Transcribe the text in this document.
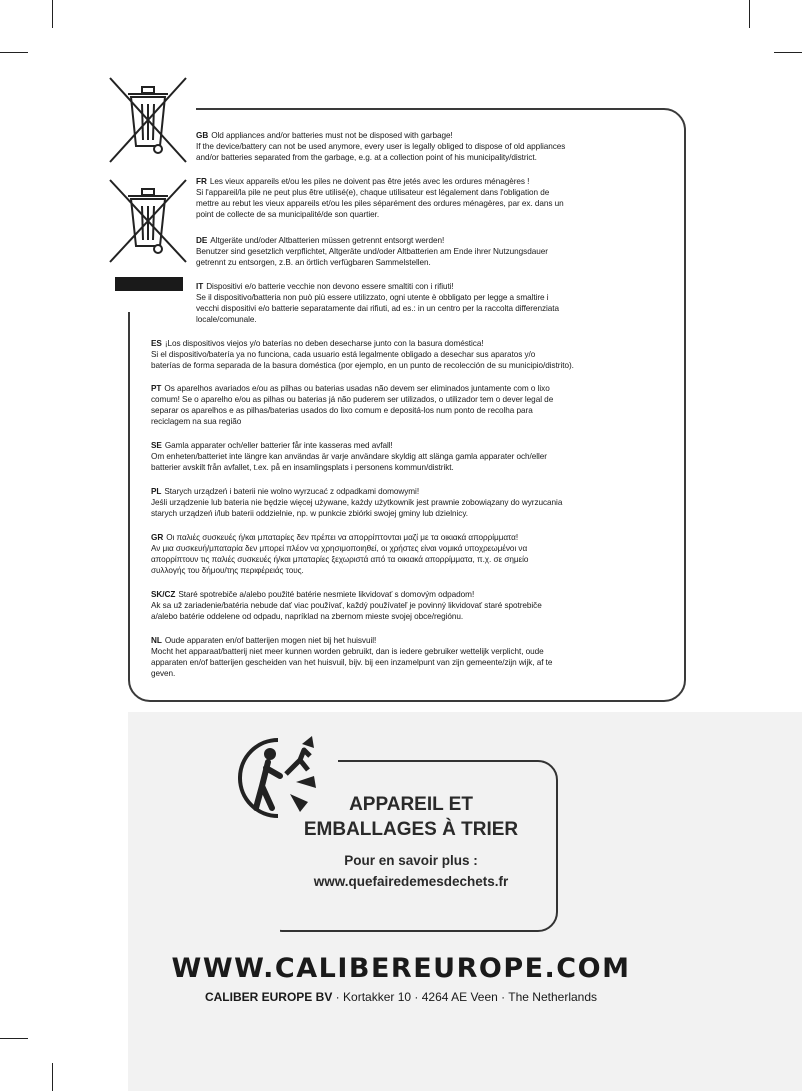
GB Old appliances and/or batteries must not be disposed with garbage!
If the device/battery can not be used anymore, every user is legally obliged to dispose of old appliances
and/or batteries separated from the garbage, e.g. at a collection point of his municipality/district.
FR Les vieux appareils et/ou les piles ne doivent pas être jetés avec les ordures ménagères !
Si l'appareil/la pile ne peut plus être utilisé(e), chaque utilisateur est légalement dans l'obligation de
mettre au rebut les vieux appareils et/ou les piles séparément des ordures ménagères, par ex. dans un
point de collecte de sa municipalité/de son quartier.
DE Altgeräte und/oder Altbatterien müssen getrennt entsorgt werden!
Benutzer sind gesetzlich verpflichtet, Altgeräte und/oder Altbatterien am Ende ihrer Nutzungsdauer
getrennt zu entsorgen, z.B. an örtlich verfügbaren Sammelstellen.
IT Dispositivi e/o batterie vecchie non devono essere smaltiti con i rifiuti!
Se il dispositivo/batteria non può più essere utilizzato, ogni utente è obbligato per legge a smaltire i
vecchi dispositivi e/o batterie separatamente dai rifiuti, ad es.: in un centro per la raccolta differenziata
locale/comunale.
ES ¡Los dispositivos viejos y/o baterías no deben desecharse junto con la basura doméstica!
Si el dispositivo/batería ya no funciona, cada usuario está legalmente obligado a desechar sus aparatos y/o
baterías de forma separada de la basura doméstica (por ejemplo, en un punto de recolección de su municipio/distrito).
PT Os aparelhos avariados e/ou as pilhas ou baterias usadas não devem ser eliminados juntamente com o lixo
comum! Se o aparelho e/ou as pilhas ou baterias já não puderem ser utilizados, o utilizador tem o dever legal de
separar os aparelhos e as pilhas/baterias usados do lixo comum e depositá-los num ponto de recolha para
reciclagem na sua região
SE Gamla apparater och/eller batterier får inte kasseras med avfall!
Om enheten/batteriet inte längre kan användas är varje användare skyldig att slänga gamla apparater och/eller
batterier avskilt från avfallet, t.ex. på en insamlingsplats i personens kommun/distrikt.
PL Starych urządzeń i baterii nie wolno wyrzucać z odpadkami domowymi!
Jeśli urządzenie lub bateria nie będzie więcej używane, każdy użytkownik jest prawnie zobowiązany do wyrzucania
starych urządzeń i/lub baterii oddzielnie, np. w punkcie zbiórki swojej gminy lub dzielnicy.
GR Οι παλιές συσκευές ή/και μπαταρίες δεν πρέπει να απορρίπτονται μαζί με τα οικιακά απορρίμματα!
Αν μια συσκευή/μπαταρία δεν μπορεί πλέον να χρησιμοποιηθεί, οι χρήστες είναι νομικά υποχρεωμένοι να
απορρίπτουν τις παλιές συσκευές ή/και μπαταρίες ξεχωριστά από τα οικιακά απορρίμματα, π.χ. σε σημείο
συλλογής του δήμου/της περιφέρειάς τους.
SK/CZ Staré spotrebiče a/alebo použité batérie nesmiete likvidovať s domovým odpadom!
Ak sa už zariadenie/batéria nebude dať viac používať, každý používateľ je povinný likvidovať staré spotrebiče
a/alebo batérie oddelene od odpadu, napríklad na zbernom mieste svojej obce/regiónu.
NL Oude apparaten en/of batterijen mogen niet bij het huisvuil!
Mocht het apparaat/batterij niet meer kunnen worden gebruikt, dan is iedere gebruiker wettelijk verplicht, oude
apparaten en/of batterijen gescheiden van het huisvuil, bijv. bij een inzamelpunt van zijn gemeente/zijn wijk, af te
geven.
APPAREIL ET
EMBALLAGES À TRIER
Pour en savoir plus :
www.quefairedemesdechets.fr
WWW.CALIBEREUROPE.COM
CALIBER EUROPE BV · Kortakker 10 · 4264 AE Veen · The Netherlands
